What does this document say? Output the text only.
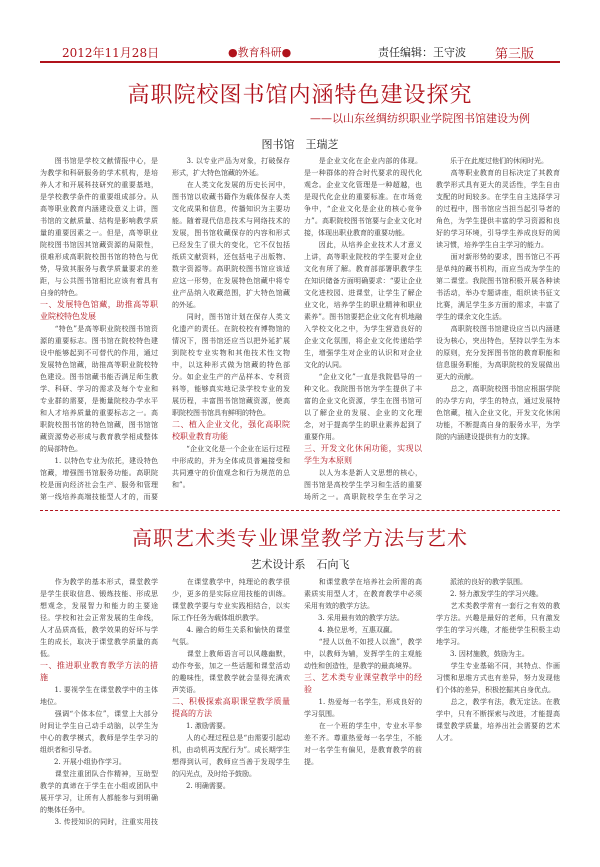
2012年11月28日	●教育科研●	责任编辑：王守波 第三版
高职院校图书馆内涵特色建设探究
——以山东丝绸纺织职业学院图书馆建设为例
图书馆　王瑞芝

　　图书馆是学校文献情报中心，是为教学和科研服务的学术机构，是培养人才和开展科技研究的重要基地，是学校教学条件的重要组成部分。从高等职业教育内涵建设意义上讲，图书馆的文献质量、结构是影响教学质量的重要因素之一。但是，高等职业院校图书馆因其馆藏资源的局限性，很难形成高职院校图书馆的特色与优势，导致其服务与教学质量要求的差距，与公共图书馆相比应该有着具有自身的特色。

一、发展特色馆藏，助推高等职业院校特色发展

　　“特色”是高等职业院校图书馆资源的重要标志。图书馆在院校特色建设中能够起到不可替代的作用，通过发展特色馆藏，助推高等职业院校特色建设。图书馆藏书能否满足师生教学、科研、学习的需求及每个专业和专业群的需要，是衡量院校办学水平和人才培养质量的重要标志之一。高职院校图书馆的特色馆藏，图书馆馆藏资源势必形成与教育教学相成整体的局部特色。

　　1. 以特色专业为依托，建设特色馆藏，增强图书馆服务功能。高职院校是面向经济社会生产、服务和管理第一线培养高端技能型人才的，而要

　　3. 以专业产品为对象，打破保存形式，扩大特色馆藏的外延。

　　在人类文化发展的历史长河中，图书馆以收藏书籍作为载体保存人类文化成果和信息，传播知识为主要功能。随着现代信息技术与网络技术的发展，图书馆收藏保存的内容和形式已经发生了很大的变化，它不仅包括纸质文献资料，还包括电子出版物、数字资源等。高职院校图书馆应该适应这一形势，在发展特色馆藏中将专业产品纳入收藏范围，扩大特色馆藏的外延。

　　同时，图书馆计划在保存人类文化遗产的责任。在院校校有博物馆的情况下，图书馆还应当以把外延扩展到院校专业实物和其他技术性文物中，以这种形式做为馆藏的特色部分。如企业生产的产品样本、专利资料等，能够真实地记录学校专业的发展历程，丰富图书馆馆藏资源，使高职院校图书馆具有鲜明的特色。

二、植入企业文化，强化高职院校职业教育功能

　　“企业文化是一个企业在运行过程中形成的，并为全体成员普遍接受和共同遵守的价值观念和行为规范的总和”。

　　是企业文化在企业内部的体现。是一种群体的符合时代要求的现代化观念。企业文化管理是一种超越，也是现代化企业的重要标准。在市场竞争中，“企业文化是企业的核心竞争力”。高职院校图书馆要与企业文化对接，体现出职业教育的重要功能。

　　因此，从培养企业技术人才意义上讲，高等职业院校的学生要对企业文化有所了解。教育部部署职教学生在知识储备方面明确要求：“要让企业文化进校园、进课堂，让学生了解企业文化，培养学生的职业精神和职业素养”。图书馆要把企业文化有机地融入学校文化之中，为学生营造良好的企业文化氛围，将企业文化传递给学生，增强学生对企业的认识和对企业文化的认同。

　　“企业文化”一直是我院倡导的一种文化。我院图书馆为学生提供了丰富的企业文化资源，学生在图书馆可以了解企业的发展、企业的文化理念，对于提高学生的职业素养起到了重要作用。

三、开发文化休闲功能，实现以学生为本原则

　　以人为本是新人文思想的核心，图书馆是高校学生学习和生活的重要场所之一。高职院校学生在学习之

　　乐于在此度过他们的休闲时光。

　　高等职业教育的目标决定了其教育教学形式具有更大的灵活性，学生自由支配的时间较多。在学生自主选择学习的过程中，图书馆应当担当起引导者的角色，为学生提供丰富的学习资源和良好的学习环境，引导学生养成良好的阅读习惯，培养学生自主学习的能力。

　　面对新形势的要求，图书馆已不再是单纯的藏书机构，而应当成为学生的第二课堂。我院图书馆积极开展各种读书活动，举办专题讲座，组织读书征文比赛，满足学生多方面的需求，丰富了学生的课余文化生活。

　　高职院校图书馆建设应当以内涵建设为核心，突出特色，坚持以学生为本的原则，充分发挥图书馆的教育职能和信息服务职能，为高职院校的发展做出更大的贡献。

　　总之，高职院校图书馆应根据学院的办学方向，学生的特点，通过发展特色馆藏，植入企业文化，开发文化休闲功能，不断提高自身的服务水平，为学院的内涵建设提供有力的支撑。

高职艺术类专业课堂教学方法与艺术
艺术设计系　石向飞

　　作为教学的基本形式，课堂教学是学生获取信息、锻炼技能、形成思想观念，发展智力和能力的主要途径。学校和社会正常发展的生命线，人才品质高低，教学效果的好坏与学生的成长，取决于课堂教学质量的高低。

一、推进职业教育教学方法的措施

　　1. 要视学生在课堂教学中的主体地位。

　　强调“个体本位”，课堂上大部分时间让学生自己动手动脑，以学生为中心的教学模式，教师是学生学习的组织者和引导者。

　　2. 开展小组协作学习。

　　课堂注重团队合作精神，互助型教学的真谛在于学生在小组或团队中展开学习，让所有人都能参与到明确的集体任务中。

　　3. 传授知识的同时，注重实用技

　　在课堂教学中，纯理论的教学很少，更多的是实际应用技能的训练。课堂教学要与专业实践相结合，以实际工作任务为载体组织教学。

　　4. 融合的师生关系和愉快的课堂气氛。

　　课堂上教师语言可以风趣幽默，动作夸张，加之一些话题和课堂活动的趣味性，课堂教学就会显得充满欢声笑语。

二、积极探索高职课堂教学质量提高的方法

　　1. 激励需要。

　　人的心理过程总是“由需要引起动机，由动机再支配行为”。成长期学生想得到认可，教师应当善于发现学生的闪光点，及时给予鼓励。

　　2. 明确需要。

　　和课堂教学在培养社会所需的高素质实用型人才，在教育教学中必须采用有效的教学方法。

　　3. 采用最有效的教学方法。

　　4. 换位思考，互惠双赢。

　　“授人以鱼不如授人以渔”，教学中，以教师为辅，发挥学生的主观能动性和创造性，是教学的最高境界。

三、艺术类专业课堂教学中的经验

　　1. 热爱每一名学生，形成良好的学习氛围。

　　在一个班的学生中，专业水平参差不齐。尊重热爱每一名学生，不能对一名学生有偏见，是教育教学的前提。

　　派浓的良好的教学氛围。

　　2. 努力激发学生的学习兴趣。

　　艺术类教学常有一套行之有效的教学方法。兴趣是最好的老师，只有激发学生的学习兴趣，才能使学生积极主动地学习。

　　3. 因材施教，鼓励为主。

　　学生专业基础不同，其特点、作画习惯和思维方式也有差异，努力发现他们个体的差异，积极挖掘其自身优点。

　　总之，教学有法，教无定法。在教学中，只有不断探索与改进，才能提高课堂教学质量，培养出社会需要的艺术人才。
